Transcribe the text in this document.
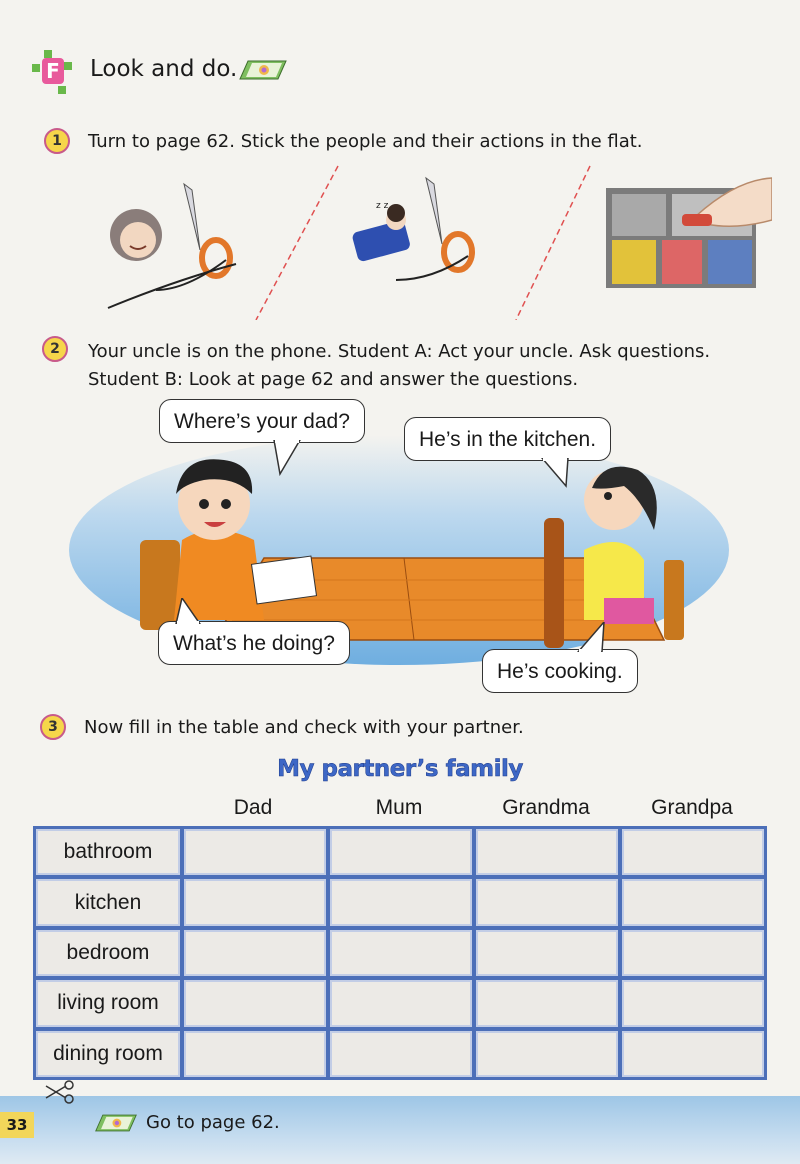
F Look and do.
1	Turn to page 62. Stick the people and their actions in the flat.
z z
2	Your uncle is on the phone. Student A: Act your uncle. Ask questions.
Student B: Look at page 62 and answer the questions.
Where’s your dad?
He’s in the kitchen.
What’s he doing?
He’s cooking.
3	Now fill in the table and check with your partner.
My partner’s family
Dad	Mum	Grandma	Grandpa
bathroom
kitchen
bedroom
living room
dining room
33	Go to page 62.
